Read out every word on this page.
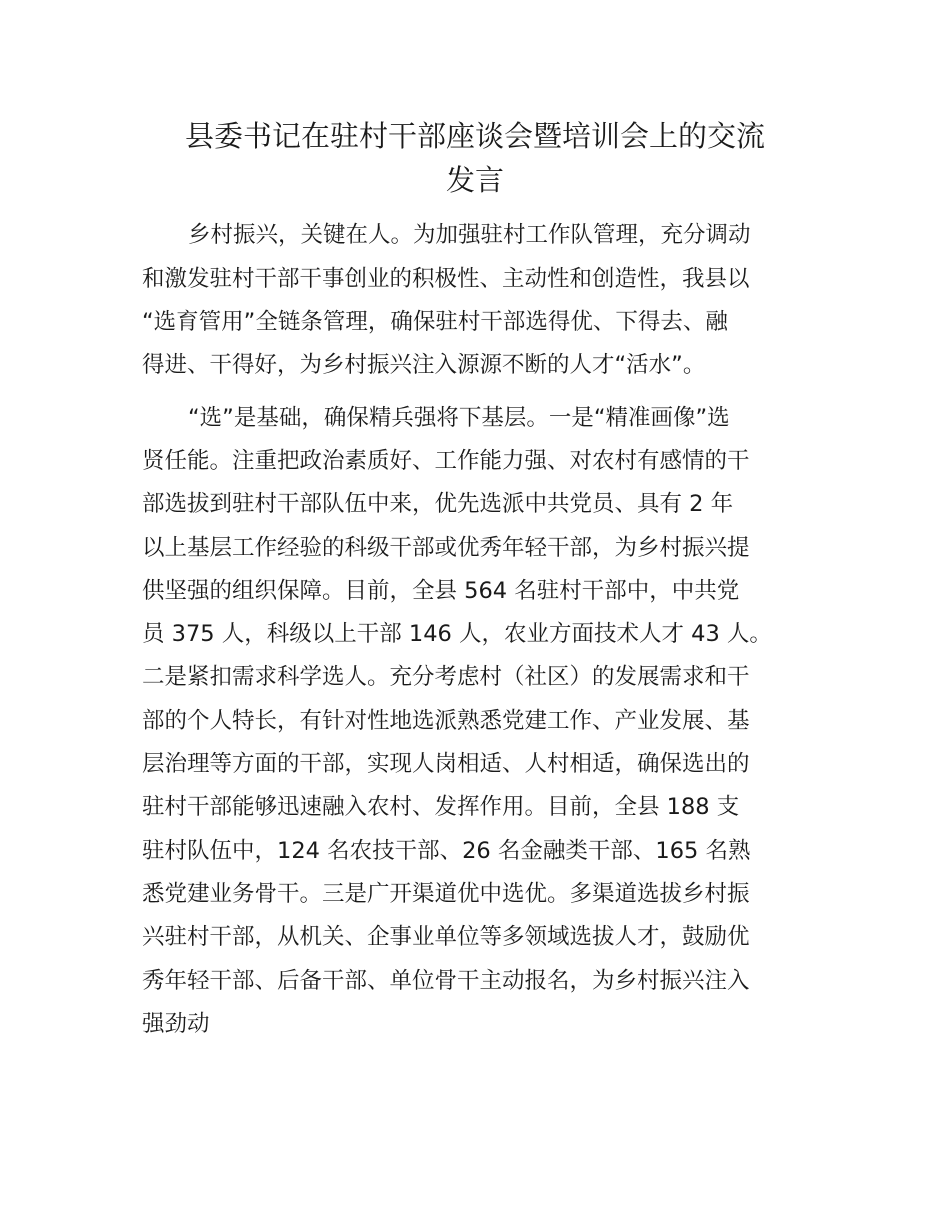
县委书记在驻村干部座谈会暨培训会上的交流
发言

乡村振兴，关键在人。为加强驻村工作队管理，充分调动

和激发驻村干部干事创业的积极性、主动性和创造性，我县以

“选育管用”全链条管理，确保驻村干部选得优、下得去、融

得进、干得好，为乡村振兴注入源源不断的人才“活水”。

“选”是基础，确保精兵强将下基层。一是“精准画像”选

贤任能。注重把政治素质好、工作能力强、对农村有感情的干

部选拔到驻村干部队伍中来，优先选派中共党员、具有 2 年

以上基层工作经验的科级干部或优秀年轻干部，为乡村振兴提

供坚强的组织保障。目前，全县 564 名驻村干部中，中共党

员 375 人，科级以上干部 146 人，农业方面技术人才 43 人。

二是紧扣需求科学选人。充分考虑村（社区）的发展需求和干

部的个人特长，有针对性地选派熟悉党建工作、产业发展、基

层治理等方面的干部，实现人岗相适、人村相适，确保选出的

驻村干部能够迅速融入农村、发挥作用。目前，全县 188 支

驻村队伍中，124 名农技干部、26 名金融类干部、165 名熟

悉党建业务骨干。三是广开渠道优中选优。多渠道选拔乡村振

兴驻村干部，从机关、企事业单位等多领域选拔人才，鼓励优

秀年轻干部、后备干部、单位骨干主动报名，为乡村振兴注入

强劲动
